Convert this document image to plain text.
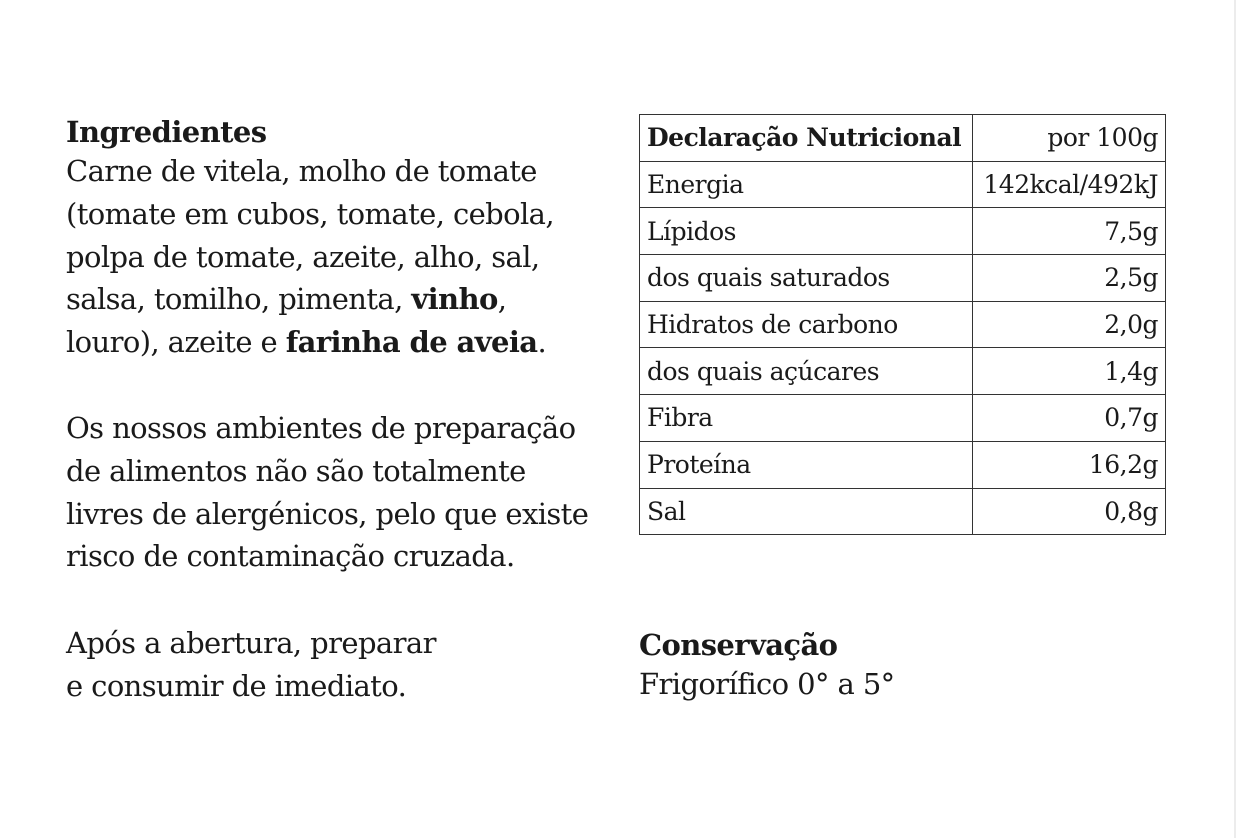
Ingredientes
Carne de vitela, molho de tomate
(tomate em cubos, tomate, cebola,
polpa de tomate, azeite, alho, sal,
salsa, tomilho, pimenta, vinho,
louro), azeite e farinha de aveia.

Os nossos ambientes de preparação
de alimentos não são totalmente
livres de alergénicos, pelo que existe
risco de contaminação cruzada.

Após a abertura, preparar
e consumir de imediato.

Declaração Nutricional	por 100g
Energia	142kcal/492kJ
Lípidos	7,5g
dos quais saturados	2,5g
Hidratos de carbono	2,0g
dos quais açúcares	1,4g
Fibra	0,7g
Proteína	16,2g
Sal	0,8g
Conservação
Frigorífico 0° a 5°
